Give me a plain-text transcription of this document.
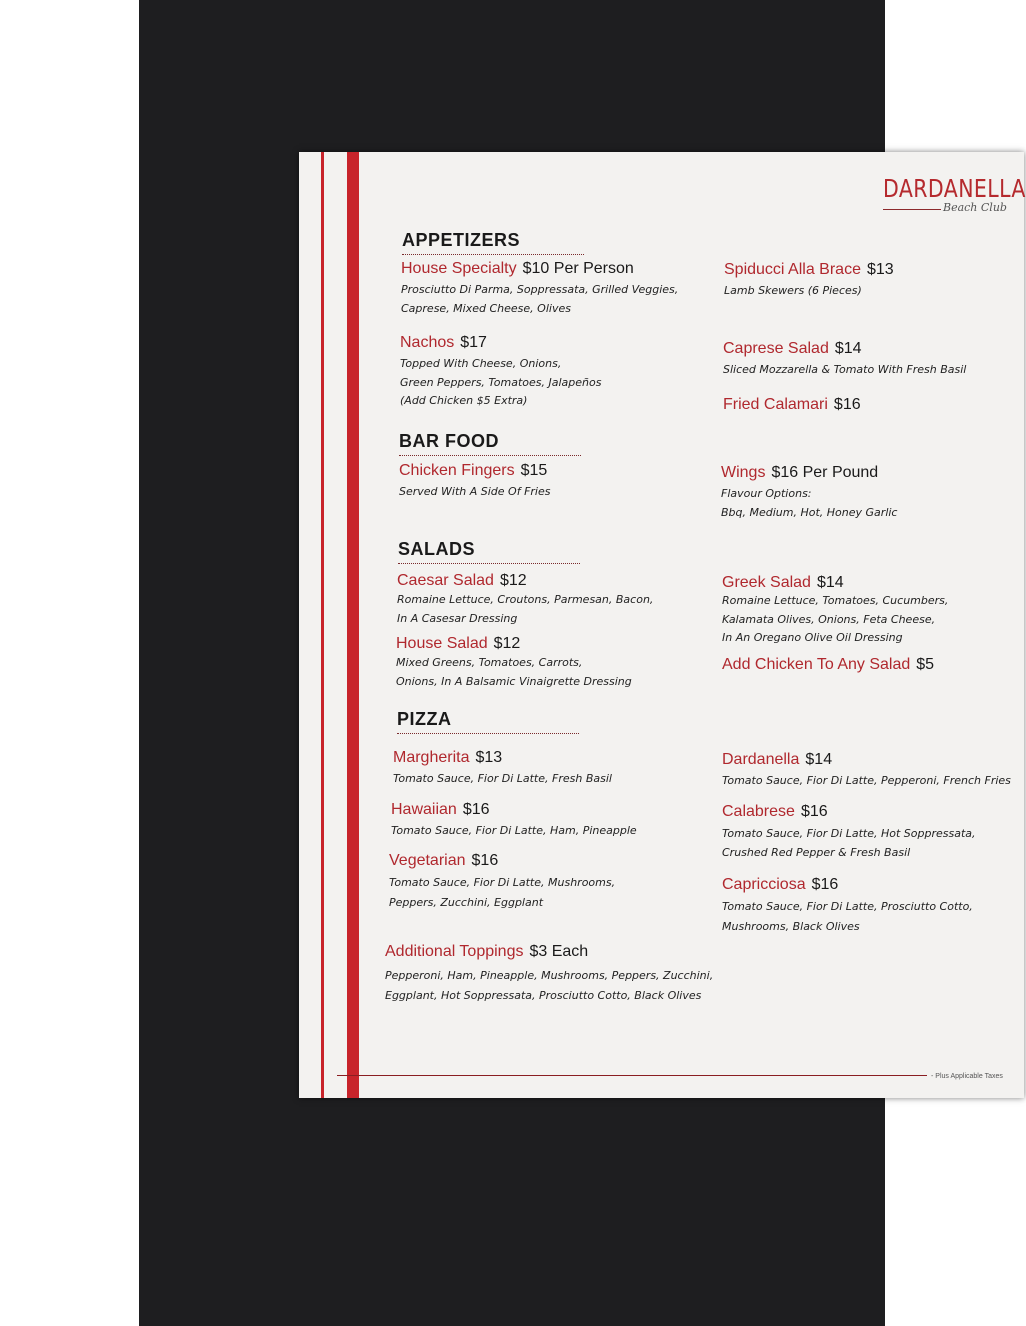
DARDANELLA
Beach Club
APPETIZERS
House Specialty $10 Per Person
Prosciutto Di Parma, Soppressata, Grilled Veggies,
Caprese, Mixed Cheese, Olives
Nachos $17
Topped With Cheese, Onions,
Green Peppers, Tomatoes, Jalapeños
(Add Chicken $5 Extra)
Spiducci Alla Brace $13
Lamb Skewers (6 Pieces)
Caprese Salad $14
Sliced Mozzarella & Tomato With Fresh Basil
Fried Calamari $16
BAR FOOD
Chicken Fingers $15
Served With A Side Of Fries
Wings $16 Per Pound
Flavour Options:
Bbq, Medium, Hot, Honey Garlic
SALADS
Caesar Salad $12
Romaine Lettuce, Croutons, Parmesan, Bacon,
In A Casesar Dressing
House Salad $12
Mixed Greens, Tomatoes, Carrots,
Onions, In A Balsamic Vinaigrette Dressing
Greek Salad $14
Romaine Lettuce, Tomatoes, Cucumbers,
Kalamata Olives, Onions, Feta Cheese,
In An Oregano Olive Oil Dressing
Add Chicken To Any Salad $5
PIZZA
Margherita $13
Tomato Sauce, Fior Di Latte, Fresh Basil
Hawaiian $16
Tomato Sauce, Fior Di Latte, Ham, Pineapple
Vegetarian $16
Tomato Sauce, Fior Di Latte, Mushrooms,
Peppers, Zucchini, Eggplant
Dardanella $14
Tomato Sauce, Fior Di Latte, Pepperoni, French Fries
Calabrese $16
Tomato Sauce, Fior Di Latte, Hot Soppressata,
Crushed Red Pepper & Fresh Basil
Capricciosa $16
Tomato Sauce, Fior Di Latte, Prosciutto Cotto,
Mushrooms, Black Olives
Additional Toppings $3 Each
Pepperoni, Ham, Pineapple, Mushrooms, Peppers, Zucchini,
Eggplant, Hot Soppressata, Prosciutto Cotto, Black Olives
- Plus Applicable Taxes
